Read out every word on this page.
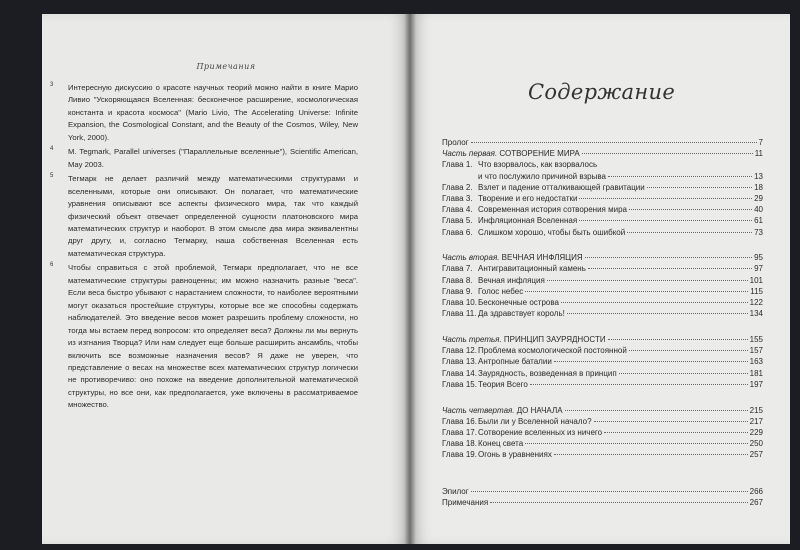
Примечания
3 Интересную дискуссию о красоте научных теорий можно найти в книге Марио Ливио "Ускоряющаяся Вселенная: бесконечное расширение, космологическая константа и красота космоса" (Mario Livio, The Accelerating Universe: Infinite Expansion, the Cosmological Constant, and the Beauty of the Cosmos, Wiley, New York, 2000).
4 M. Tegmark, Parallel universes ("Параллельные вселенные"), Scientific American, May 2003.
5 Тегмарк не делает различий между математическими структурами и вселенными, которые они описывают. Он полагает, что математические уравнения описывают все аспекты физического мира, так что каждый физический объект отвечает определенной сущности платоновского мира математических структур и наоборот. В этом смысле два мира эквивалентны друг другу, и, согласно Тегмарку, наша собственная Вселенная есть математическая структура.
6 Чтобы справиться с этой проблемой, Тегмарк предполагает, что не все математические структуры равноценны; им можно назначить разные "веса". Если веса быстро убывают с нарастанием сложности, то наиболее вероятными могут оказаться простейшие структуры, которые все же способны содержать наблюдателей. Это введение весов может разрешить проблему сложности, но тогда мы встаем перед вопросом: кто определяет веса? Должны ли мы вернуть из изгнания Творца? Или нам следует еще больше расширить ансамбль, чтобы включить все возможные назначения весов? Я даже не уверен, что представление о весах на множестве всех математических структур логически не противоречиво: оно похоже на введение дополнительной математической структуры, но все они, как предполагается, уже включены в рассматриваемое множество.
Содержание
Пролог	7
Часть первая. СОТВОРЕНИЕ МИРА	11
Глава 1. Что взорвалось, как взорвалось
и что послужило причиной взрыва	13
Глава 2. Взлет и падение отталкивающей гравитации	18
Глава 3. Творение и его недостатки	29
Глава 4. Современная история сотворения мира	40
Глава 5. Инфляционная Вселенная	61
Глава 6. Слишком хорошо, чтобы быть ошибкой	73
Часть вторая. ВЕЧНАЯ ИНФЛЯЦИЯ	95
Глава 7. Антигравитационный камень	97
Глава 8. Вечная инфляция	101
Глава 9. Голос небес	115
Глава 10.Бесконечные острова	122
Глава 11. Да здравствует король!	134
Часть третья. ПРИНЦИП ЗАУРЯДНОСТИ	155
Глава 12.Проблема космологической постоянной	157
Глава 13.Антропные баталии	163
Глава 14.Заурядность, возведенная в принцип	181
Глава 15.Теория Всего	197
Часть четвертая. ДО НАЧАЛА	215
Глава 16.Были ли у Вселенной начало?	217
Глава 17.Сотворение вселенных из ничего	229
Глава 18.Конец света	250
Глава 19.Огонь в уравнениях	257
Эпилог	266
Примечания	267
